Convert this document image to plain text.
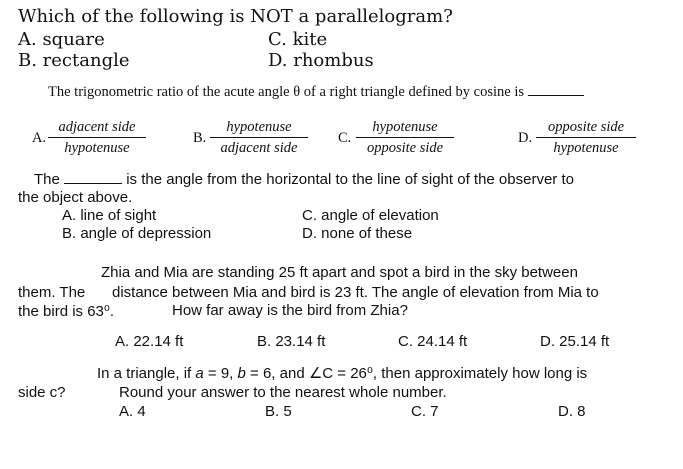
Which of the following is NOT a parallelogram?
A. square
B. rectangle
C. kite
D. rhombus
The trigonometric ratio of the acute angle θ of a right triangle defined by cosine is
A.
adjacent side
hypotenuse
B.
hypotenuse
adjacent side
C.
hypotenuse
opposite side
D.
opposite side
hypotenuse
The	is the angle from the horizontal to the line of sight of the observer to
the object above.
A. line of sight
B. angle of depression
C. angle of elevation
D. none of these
Zhia and Mia are standing 25 ft apart and spot a bird in the sky between
them. The distance between Mia and bird is 23 ft. The angle of elevation from Mia to
the bird is 63⁰.	How far away is the bird from Zhia?
A. 22.14 ft	B. 23.14 ft	C. 24.14 ft	D. 25.14 ft
In a triangle, if a = 9, b = 6, and ∠C = 26⁰, then approximately how long is
side c?	Round your answer to the nearest whole number.
A. 4	B. 5	C. 7	D. 8
